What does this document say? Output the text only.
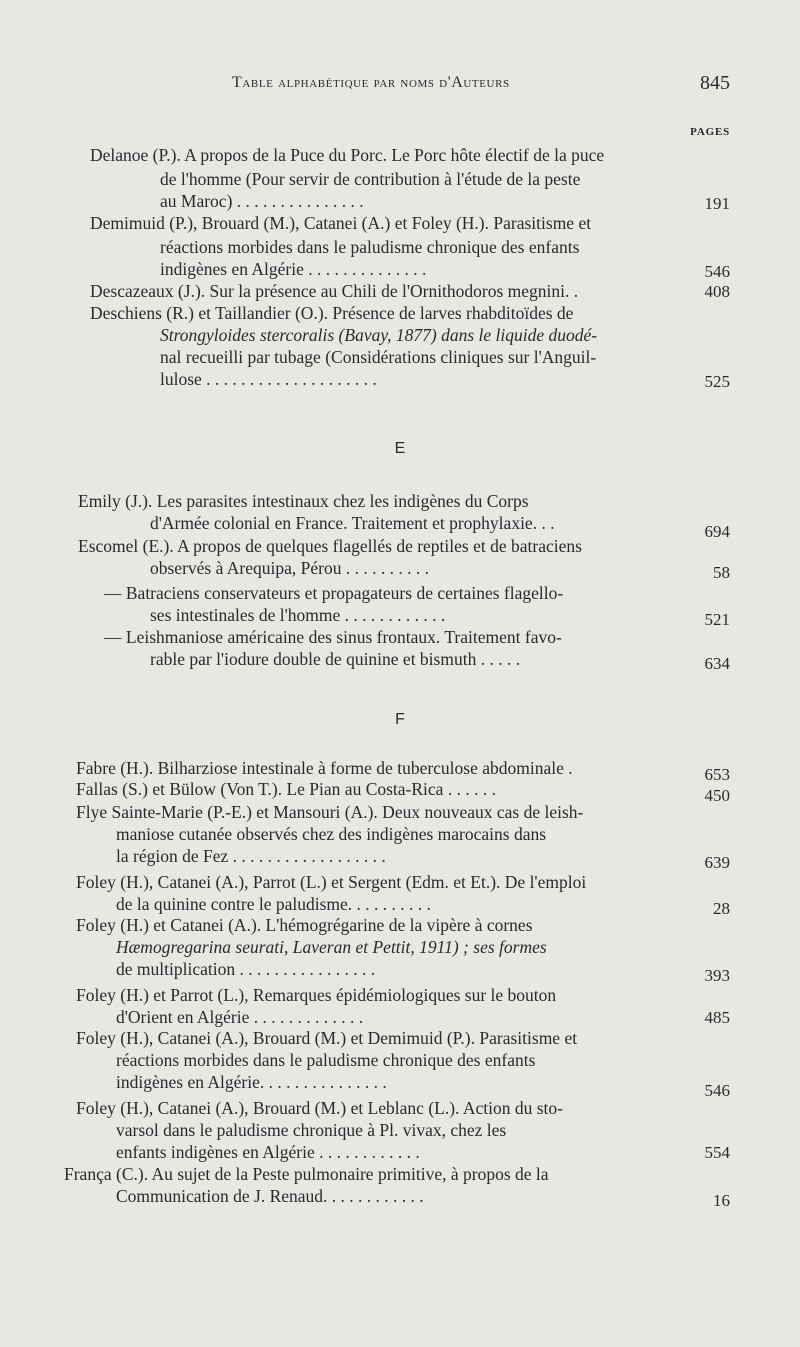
Table alphabétique par noms d'Auteurs	845
PAGES
Delanoe (P.). A propos de la Puce du Porc. Le Porc hôte électif de la puce
de l'homme (Pour servir de contribution à l'étude de la peste
au Maroc) . . . . . . . . . . . . . . .	191
Demimuid (P.), Brouard (M.), Catanei (A.) et Foley (H.). Parasitisme et
réactions morbides dans le paludisme chronique des enfants
indigènes en Algérie . . . . . . . . . . . . . .	546
Descazeaux (J.). Sur la présence au Chili de l'Ornithodoros megnini. .	408
Deschiens (R.) et Taillandier (O.). Présence de larves rhabditoïdes de
Strongyloides stercoralis (Bavay, 1877) dans le liquide duodé-
nal recueilli par tubage (Considérations cliniques sur l'Anguil-
lulose . . . . . . . . . . . . . . . . . . . .	525
E
Emily (J.). Les parasites intestinaux chez les indigènes du Corps
d'Armée colonial en France. Traitement et prophylaxie. . .	694
Escomel (E.). A propos de quelques flagellés de reptiles et de batraciens
observés à Arequipa, Pérou . . . . . . . . . .	58
— Batraciens conservateurs et propagateurs de certaines flagello-
ses intestinales de l'homme . . . . . . . . . . . .	521
— Leishmaniose américaine des sinus frontaux. Traitement favo-
rable par l'iodure double de quinine et bismuth . . . . .	634
F
Fabre (H.). Bilharziose intestinale à forme de tuberculose abdominale .	653
Fallas (S.) et Bülow (Von T.). Le Pian au Costa-Rica . . . . . .	450
Flye Sainte-Marie (P.-E.) et Mansouri (A.). Deux nouveaux cas de leish-
maniose cutanée observés chez des indigènes marocains dans
la région de Fez . . . . . . . . . . . . . . . . . .	639
Foley (H.), Catanei (A.), Parrot (L.) et Sergent (Edm. et Et.). De l'emploi
de la quinine contre le paludisme. . . . . . . . . .	28
Foley (H.) et Catanei (A.). L'hémogrégarine de la vipère à cornes
Hæmogregarina seurati, Laveran et Pettit, 1911) ; ses formes
de multiplication . . . . . . . . . . . . . . . .	393
Foley (H.) et Parrot (L.), Remarques épidémiologiques sur le bouton
d'Orient en Algérie . . . . . . . . . . . . .	485
Foley (H.), Catanei (A.), Brouard (M.) et Demimuid (P.). Parasitisme et
réactions morbides dans le paludisme chronique des enfants
indigènes en Algérie. . . . . . . . . . . . . . .	546
Foley (H.), Catanei (A.), Brouard (M.) et Leblanc (L.). Action du sto-
varsol dans le paludisme chronique à Pl. vivax, chez les
enfants indigènes en Algérie . . . . . . . . . . . .	554
França (C.). Au sujet de la Peste pulmonaire primitive, à propos de la
Communication de J. Renaud. . . . . . . . . . . .	16
